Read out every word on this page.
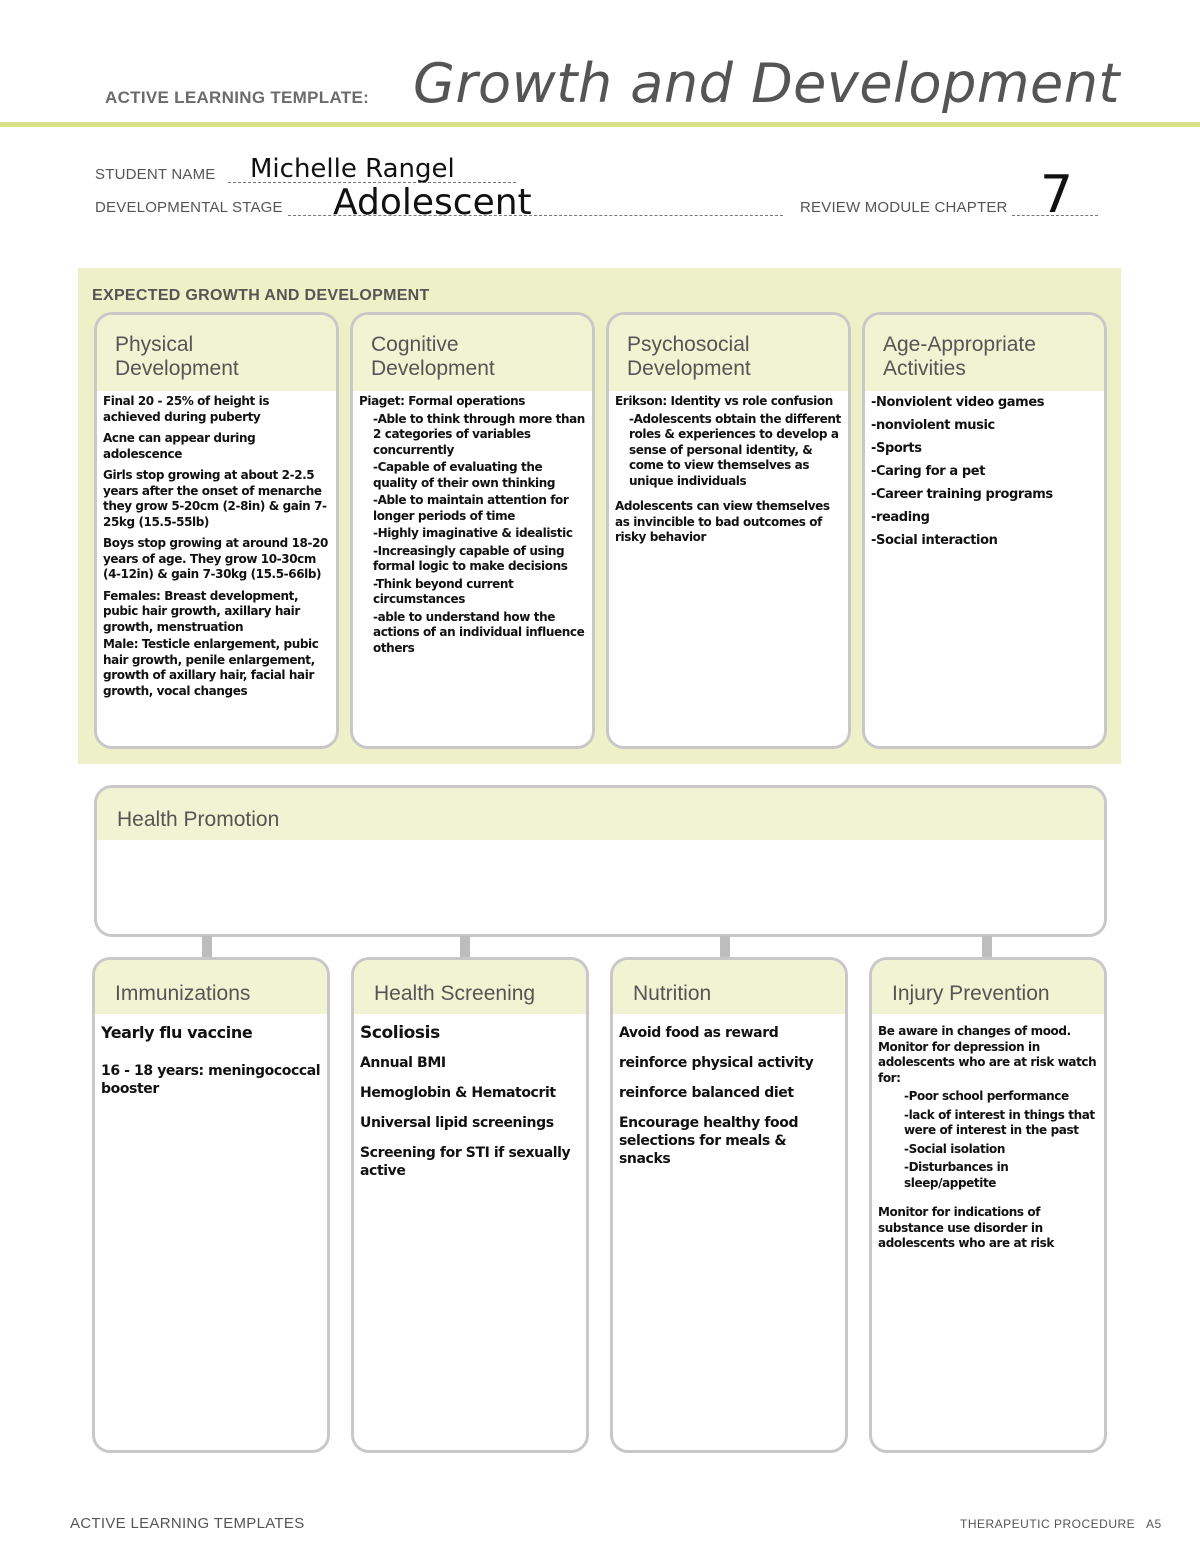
ACTIVE LEARNING TEMPLATE: Growth and Development
STUDENT NAME Michelle Rangel
DEVELOPMENTAL STAGE Adolescent	REVIEW MODULE CHAPTER 7
EXPECTED GROWTH AND DEVELOPMENT
Physical
Development

Final 20 - 25% of height is achieved during puberty

Acne can appear during adolescence

Girls stop growing at about 2-2.5 years after the onset of menarche they grow 5-20cm (2-8in) & gain 7-25kg (15.5-55lb)

Boys stop growing at around 18-20 years of age. They grow 10-30cm (4-12in) & gain 7-30kg (15.5-66lb)

Females: Breast development, pubic hair growth, axillary hair growth, menstruation

Male: Testicle enlargement, pubic hair growth, penile enlargement, growth of axillary hair, facial hair growth, vocal changes

Cognitive
Development

Piaget: Formal operations

-Able to think through more than 2 categories of variables concurrently

-Capable of evaluating the quality of their own thinking

-Able to maintain attention for longer periods of time

-Highly imaginative & idealistic

-Increasingly capable of using formal logic to make decisions

-Think beyond current circumstances

-able to understand how the actions of an individual influence others

Psychosocial
Development

Erikson: Identity vs role confusion

-Adolescents obtain the different roles & experiences to develop a sense of personal identity, & come to view themselves as unique individuals

Adolescents can view themselves as invincible to bad outcomes of risky behavior

Age-Appropriate
Activities

-Nonviolent video games

-nonviolent music

-Sports

-Caring for a pet

-Career training programs

-reading

-Social interaction

Health Promotion
Immunizations

Yearly flu vaccine

16 - 18 years: meningococcal booster

Health Screening

Scoliosis

Annual BMI

Hemoglobin & Hematocrit

Universal lipid screenings

Screening for STI if sexually active

Nutrition

Avoid food as reward

reinforce physical activity

reinforce balanced diet

Encourage healthy food selections for meals & snacks

Injury Prevention

Be aware in changes of mood. Monitor for depression in adolescents who are at risk watch for:

-Poor school performance

-lack of interest in things that were of interest in the past

-Social isolation

-Disturbances in sleep/appetite

Monitor for indications of substance use disorder in adolescents who are at risk

ACTIVE LEARNING TEMPLATES	THERAPEUTIC PROCEDURE   A5
